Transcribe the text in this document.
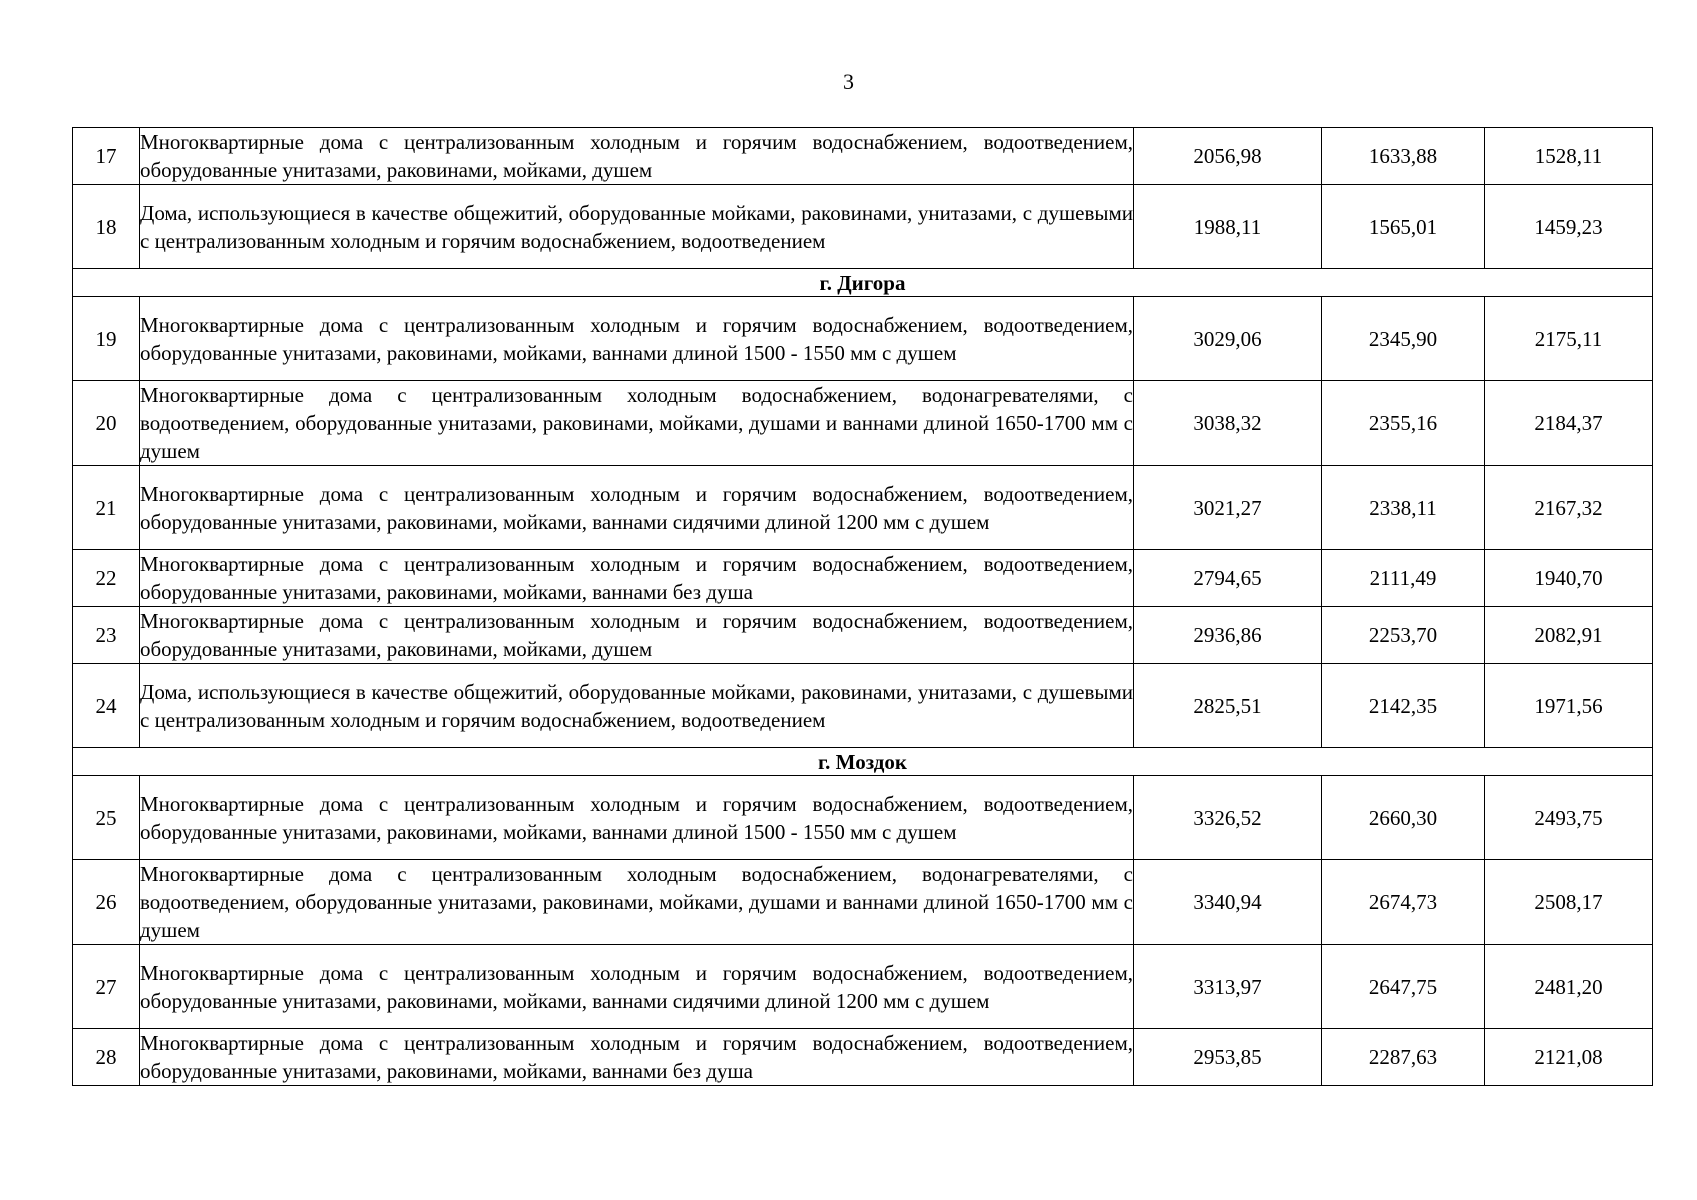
3
17	Многоквартирные дома с централизованным холодным и горячим водоснабжением, водоотведением, оборудованные унитазами, раковинами, мойками, душем	2056,98	1633,88	1528,11
18	Дома, использующиеся в качестве общежитий, оборудованные мойками, раковинами, унитазами, с душевыми с централизованным холодным и горячим водоснабжением, водоотведением	1988,11	1565,01	1459,23
г. Дигора				
19	Многоквартирные дома с централизованным холодным и горячим водоснабжением, водоотведением, оборудованные унитазами, раковинами, мойками, ваннами длиной 1500 - 1550 мм с душем	3029,06	2345,90	2175,11
20	Многоквартирные дома с централизованным холодным водоснабжением, водонагревателями, с водоотведением, оборудованные унитазами, раковинами, мойками, душами и ваннами длиной 1650-1700 мм с душем	3038,32	2355,16	2184,37
21	Многоквартирные дома с централизованным холодным и горячим водоснабжением, водоотведением, оборудованные унитазами, раковинами, мойками, ваннами сидячими длиной 1200 мм с душем	3021,27	2338,11	2167,32
22	Многоквартирные дома с централизованным холодным и горячим водоснабжением, водоотведением, оборудованные унитазами, раковинами, мойками, ваннами без душа	2794,65	2111,49	1940,70
23	Многоквартирные дома с централизованным холодным и горячим водоснабжением, водоотведением, оборудованные унитазами, раковинами, мойками, душем	2936,86	2253,70	2082,91
24	Дома, использующиеся в качестве общежитий, оборудованные мойками, раковинами, унитазами, с душевыми с централизованным холодным и горячим водоснабжением, водоотведением	2825,51	2142,35	1971,56
г. Моздок				
25	Многоквартирные дома с централизованным холодным и горячим водоснабжением, водоотведением, оборудованные унитазами, раковинами, мойками, ваннами длиной 1500 - 1550 мм с душем	3326,52	2660,30	2493,75
26	Многоквартирные дома с централизованным холодным водоснабжением, водонагревателями, с водоотведением, оборудованные унитазами, раковинами, мойками, душами и ваннами длиной 1650-1700 мм с душем	3340,94	2674,73	2508,17
27	Многоквартирные дома с централизованным холодным и горячим водоснабжением, водоотведением, оборудованные унитазами, раковинами, мойками, ваннами сидячими длиной 1200 мм с душем	3313,97	2647,75	2481,20
28	Многоквартирные дома с централизованным холодным и горячим водоснабжением, водоотведением, оборудованные унитазами, раковинами, мойками, ваннами без душа	2953,85	2287,63	2121,08
